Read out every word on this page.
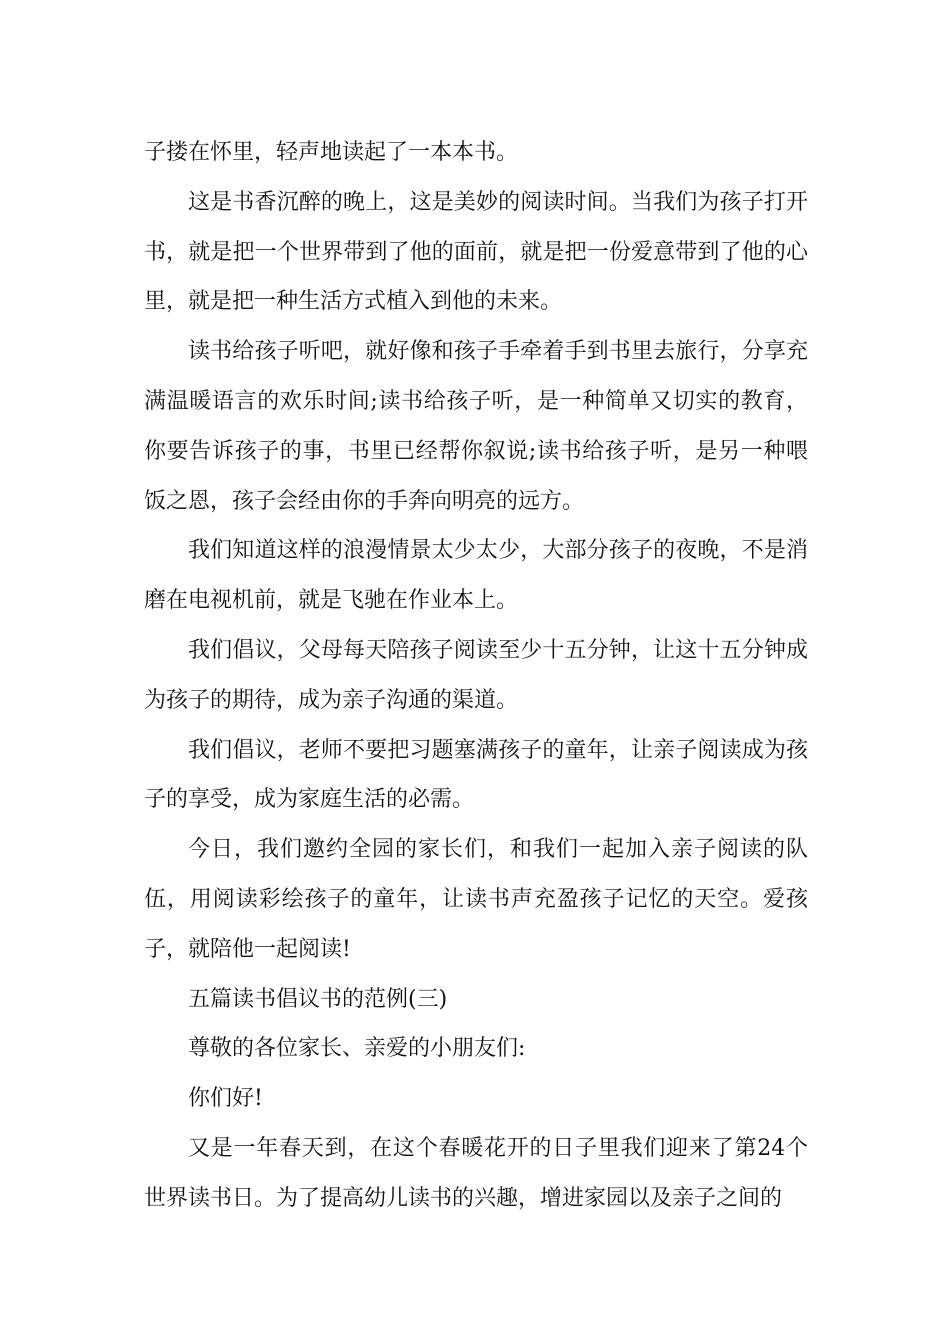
子搂在怀里，轻声地读起了一本本书。

这是书香沉醉的晚上，这是美妙的阅读时间。当我们为孩子打开书，就是把一个世界带到了他的面前，就是把一份爱意带到了他的心里，就是把一种生活方式植入到他的未来。

读书给孩子听吧，就好像和孩子手牵着手到书里去旅行，分享充满温暖语言的欢乐时间;读书给孩子听，是一种简单又切实的教育，你要告诉孩子的事，书里已经帮你叙说;读书给孩子听，是另一种喂饭之恩，孩子会经由你的手奔向明亮的远方。

我们知道这样的浪漫情景太少太少，大部分孩子的夜晚，不是消磨在电视机前，就是飞驰在作业本上。

我们倡议，父母每天陪孩子阅读至少十五分钟，让这十五分钟成为孩子的期待，成为亲子沟通的渠道。

我们倡议，老师不要把习题塞满孩子的童年，让亲子阅读成为孩子的享受，成为家庭生活的必需。

今日，我们邀约全园的家长们，和我们一起加入亲子阅读的队伍，用阅读彩绘孩子的童年，让读书声充盈孩子记忆的天空。爱孩子，就陪他一起阅读!

五篇读书倡议书的范例(三)

尊敬的各位家长、亲爱的小朋友们:

你们好!

又是一年春天到，在这个春暖花开的日子里我们迎来了第24个世界读书日。为了提高幼儿读书的兴趣，增进家园以及亲子之间的
